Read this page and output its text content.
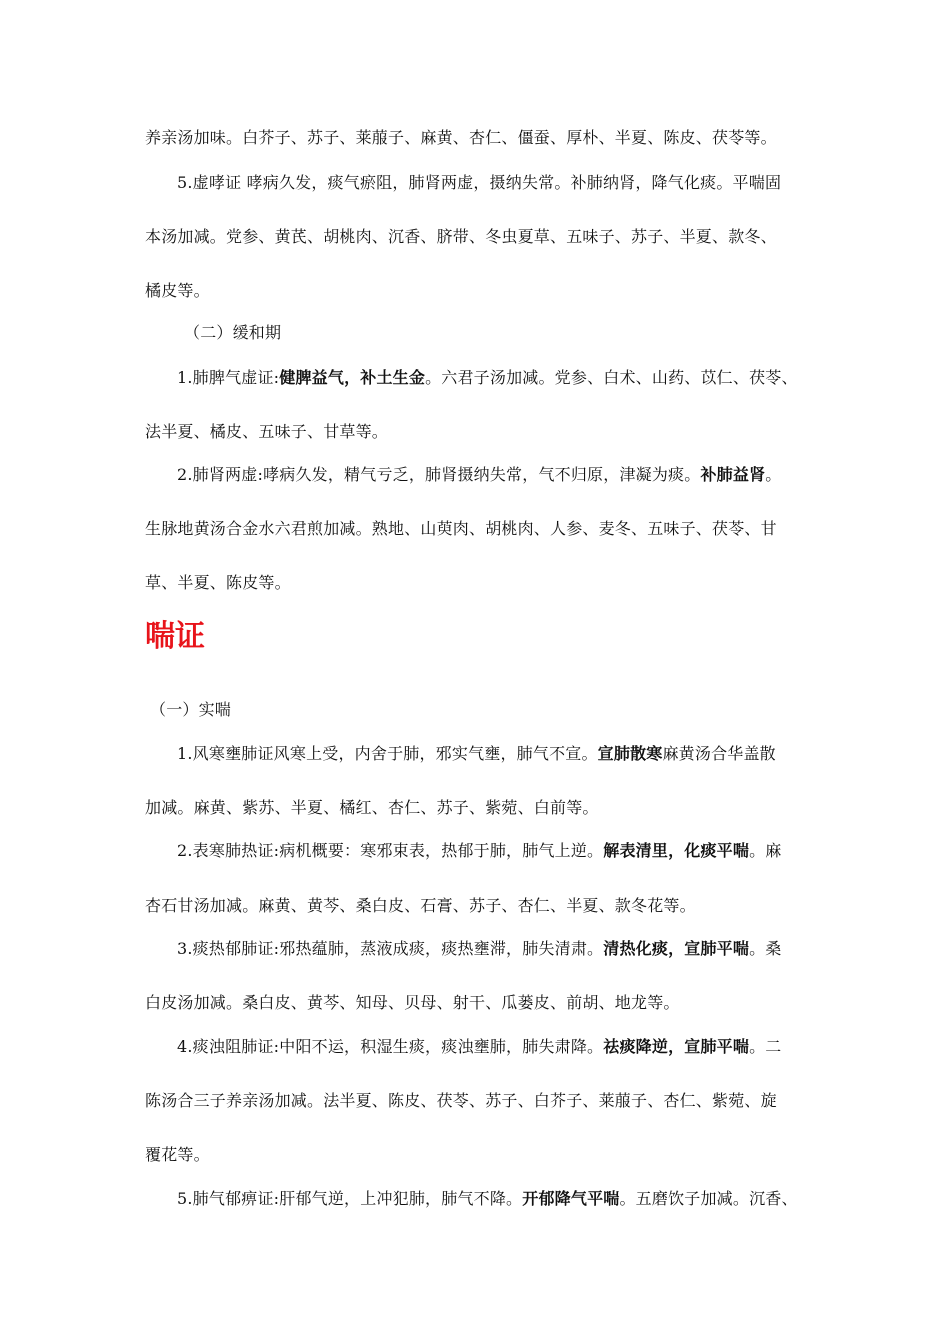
养亲汤加味。白芥子、苏子、莱菔子、麻黄、杏仁、僵蚕、厚朴、半夏、陈皮、茯苓等。
5.虚哮证 哮病久发，痰气瘀阻，肺肾两虚，摄纳失常。补肺纳肾，降气化痰。平喘固
本汤加减。党参、黄芪、胡桃肉、沉香、脐带、冬虫夏草、五味子、苏子、半夏、款冬、
橘皮等。
（二）缓和期
1.肺脾气虚证:健脾益气，补土生金。六君子汤加减。党参、白术、山药、苡仁、茯苓、
法半夏、橘皮、五味子、甘草等。
2.肺肾两虚:哮病久发，精气亏乏，肺肾摄纳失常，气不归原，津凝为痰。补肺益肾。
生脉地黄汤合金水六君煎加减。熟地、山萸肉、胡桃肉、人参、麦冬、五味子、茯苓、甘
草、半夏、陈皮等。
喘证
（一）实喘
1.风寒壅肺证风寒上受，内舍于肺，邪实气壅，肺气不宣。宣肺散寒麻黄汤合华盖散
加减。麻黄、紫苏、半夏、橘红、杏仁、苏子、紫菀、白前等。
2.表寒肺热证:病机概要：寒邪束表，热郁于肺，肺气上逆。解表清里，化痰平喘。麻
杏石甘汤加减。麻黄、黄芩、桑白皮、石膏、苏子、杏仁、半夏、款冬花等。
3.痰热郁肺证:邪热蕴肺，蒸液成痰，痰热壅滞，肺失清肃。清热化痰，宣肺平喘。桑
白皮汤加减。桑白皮、黄芩、知母、贝母、射干、瓜蒌皮、前胡、地龙等。
4.痰浊阻肺证:中阳不运，积湿生痰，痰浊壅肺，肺失肃降。祛痰降逆，宣肺平喘。二
陈汤合三子养亲汤加减。法半夏、陈皮、茯苓、苏子、白芥子、莱菔子、杏仁、紫菀、旋
覆花等。
5.肺气郁痹证:肝郁气逆，上冲犯肺，肺气不降。开郁降气平喘。五磨饮子加减。沉香、
